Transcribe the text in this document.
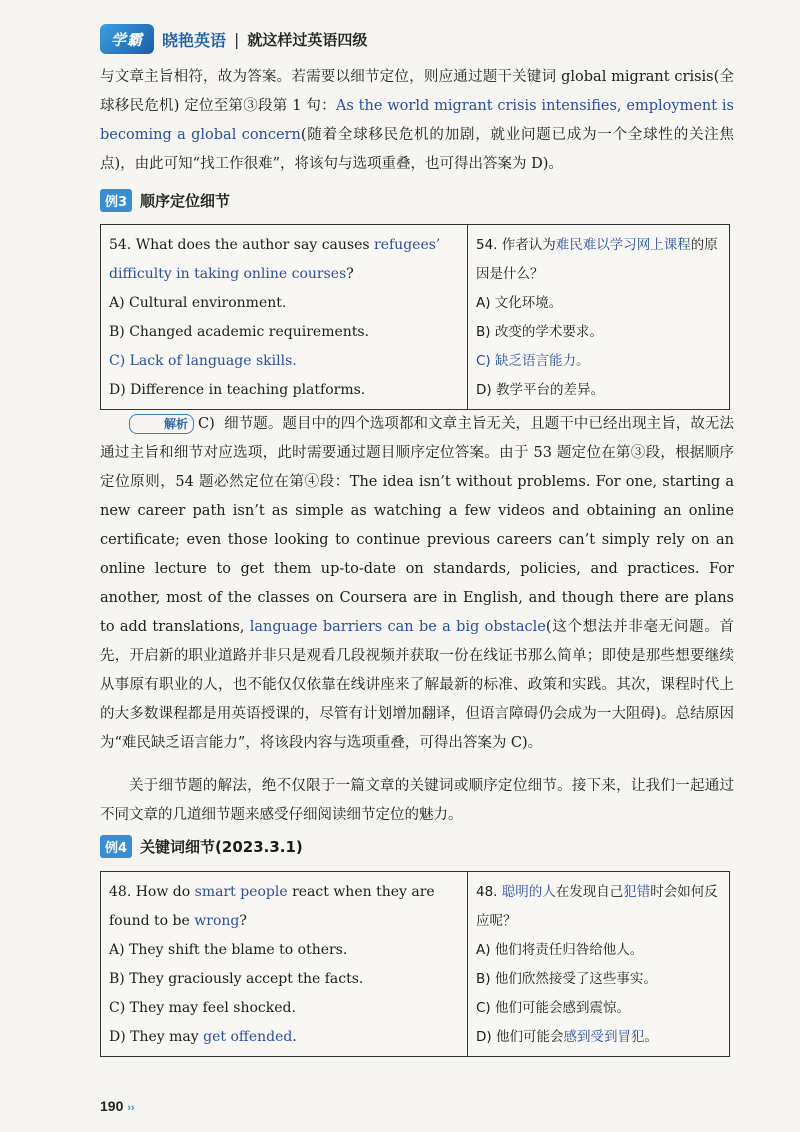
学霸	晓艳英语 | 就这样过英语四级

与文章主旨相符，故为答案。若需要以细节定位，则应通过题干关键词 global migrant crisis(全球移民危机) 定位至第③段第 1 句：As the world migrant crisis intensifies, employment is becoming a global concern(随着全球移民危机的加剧，就业问题已成为一个全球性的关注焦点)，由此可知“找工作很难”，将该句与选项重叠，也可得出答案为 D)。

例3 顺序定位细节

54. What does the author say causes refugees’ difficulty in taking online courses?

A) Cultural environment.

B) Changed academic requirements.

C) Lack of language skills.

D) Difference in teaching platforms.

54. 作者认为难民难以学习网上课程的原因是什么？

A) 文化环境。

B) 改变的学术要求。

C) 缺乏语言能力。

D) 教学平台的差异。

解析 C) 细节题。题目中的四个选项都和文章主旨无关，且题干中已经出现主旨，故无法通过主旨和细节对应选项，此时需要通过题目顺序定位答案。由于 53 题定位在第③段，根据顺序定位原则，54 题必然定位在第④段：The idea isn’t without problems. For one, starting a new career path isn’t as simple as watching a few videos and obtaining an online certificate; even those looking to continue previous careers can’t simply rely on an online lecture to get them up-to-date on standards, policies, and practices. For another, most of the classes on Coursera are in English, and though there are plans to add translations, language barriers can be a big obstacle(这个想法并非毫无问题。首先，开启新的职业道路并非只是观看几段视频并获取一份在线证书那么简单；即使是那些想要继续从事原有职业的人，也不能仅仅依靠在线讲座来了解最新的标准、政策和实践。其次，课程时代上的大多数课程都是用英语授课的，尽管有计划增加翻译，但语言障碍仍会成为一大阻碍)。总结原因为“难民缺乏语言能力”，将该段内容与选项重叠，可得出答案为 C)。

关于细节题的解法，绝不仅限于一篇文章的关键词或顺序定位细节。接下来，让我们一起通过不同文章的几道细节题来感受仔细阅读细节定位的魅力。

例4 关键词细节(2023.3.1)

48. How do smart people react when they are found to be wrong?

A) They shift the blame to others.

B) They graciously accept the facts.

C) They may feel shocked.

D) They may get offended.

48. 聪明的人在发现自己犯错时会如何反应呢？

A) 他们将责任归咎给他人。

B) 他们欣然接受了这些事实。

C) 他们可能会感到震惊。

D) 他们可能会感到受到冒犯。

190 ››
